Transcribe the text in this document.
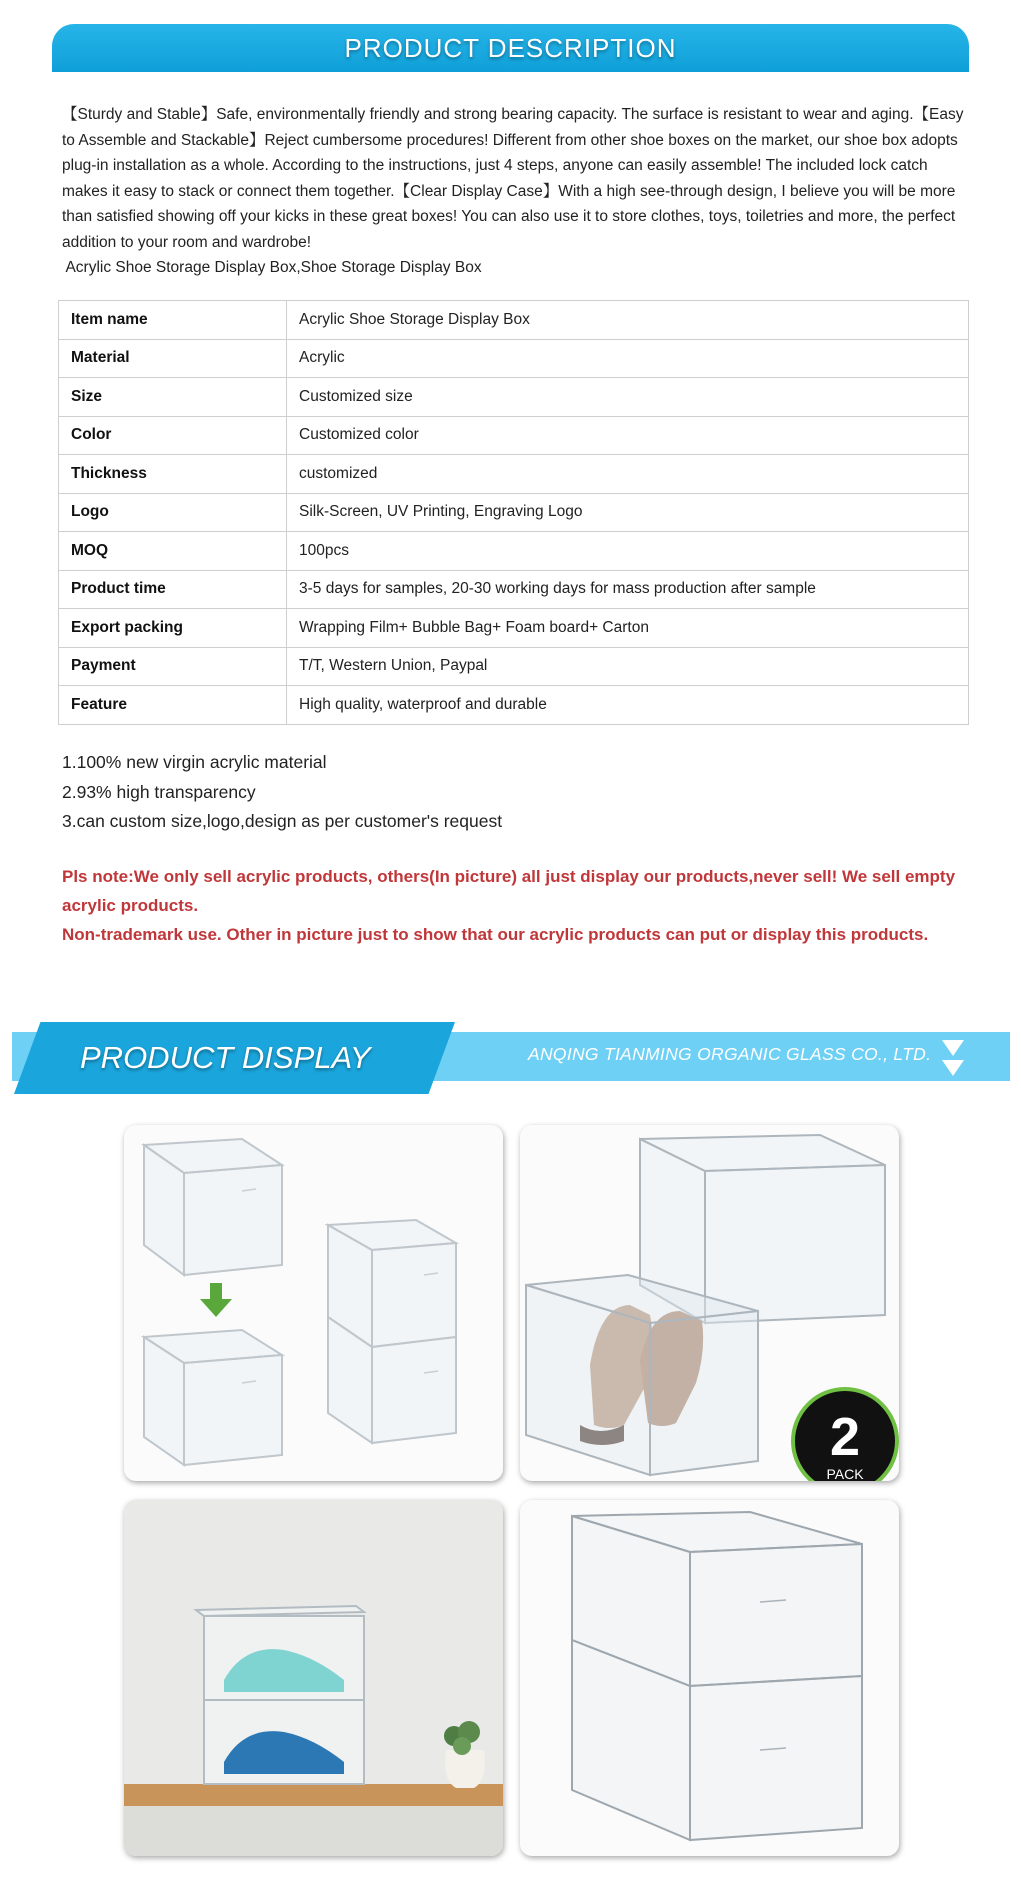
PRODUCT DESCRIPTION

【Sturdy and Stable】Safe, environmentally friendly and strong bearing capacity. The surface is resistant to wear and aging.【Easy to Assemble and Stackable】Reject cumbersome procedures! Different from other shoe boxes on the market, our shoe box adopts plug-in installation as a whole. According to the instructions, just 4 steps, anyone can easily assemble! The included lock catch makes it easy to stack or connect them together.【Clear Display Case】With a high see-through design, I believe you will be more than satisfied showing off your kicks in these great boxes! You can also use it to store clothes, toys, toiletries and more, the perfect addition to your room and wardrobe!

Acrylic Shoe Storage Display Box,Shoe Storage Display Box

Item name	Acrylic Shoe Storage Display Box
Material	Acrylic
Size	Customized size
Color	Customized color
Thickness	customized
Logo	Silk-Screen, UV Printing, Engraving Logo
MOQ	100pcs
Product time	3-5 days for samples, 20-30 working days for mass production after sample
Export packing	Wrapping Film+ Bubble Bag+ Foam board+ Carton
Payment	T/T, Western Union, Paypal
Feature	High quality, waterproof and durable
1.100% new virgin acrylic material
2.93% high transparency
3.can custom size,logo,design as per customer's request

Pls note:We only sell acrylic products, others(In picture) all just display our products,never sell! We sell empty acrylic products.

Non-trademark use. Other in picture just to show that our acrylic products can put or display this products.

PRODUCT DISPLAY	ANQING TIANMING ORGANIC GLASS CO., LTD.
2
PACK
